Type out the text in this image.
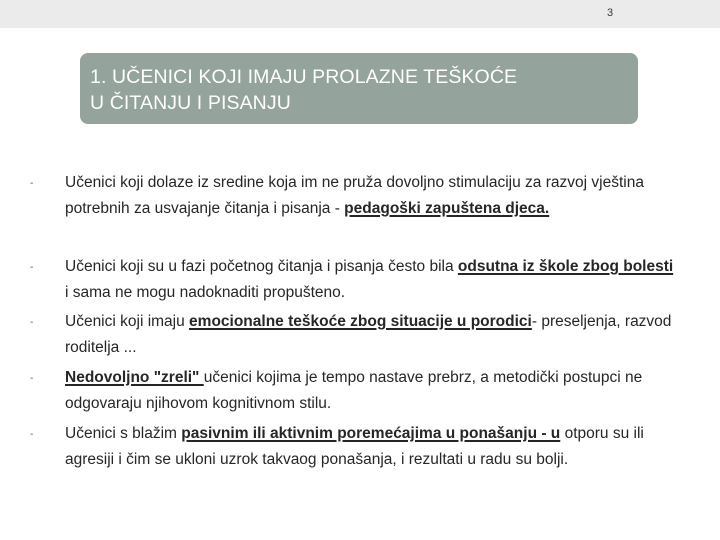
3
1. UČENICI KOJI IMAJU PROLAZNE TEŠKOĆE
U ČITANJU I PISANJU
- Učenici koji dolaze iz sredine koja im ne pruža dovoljno stimulaciju za razvoj vještina potrebnih za usvajanje čitanja i pisanja - pedagoški zapuštena djeca.
- Učenici koji su u fazi početnog čitanja i pisanja često bila odsutna iz škole zbog bolesti i sama ne mogu nadoknaditi propušteno.
- Učenici koji imaju emocionalne teškoće zbog situacije u porodici- preseljenja, razvod roditelja ...
- Nedovoljno "zreli" učenici kojima je tempo nastave prebrz, a metodički postupci ne odgovaraju njihovom kognitivnom stilu.
- Učenici s blažim pasivnim ili aktivnim poremećajima u ponašanju - u otporu su ili agresiji i čim se ukloni uzrok takvaog ponašanja, i rezultati u radu su bolji.
